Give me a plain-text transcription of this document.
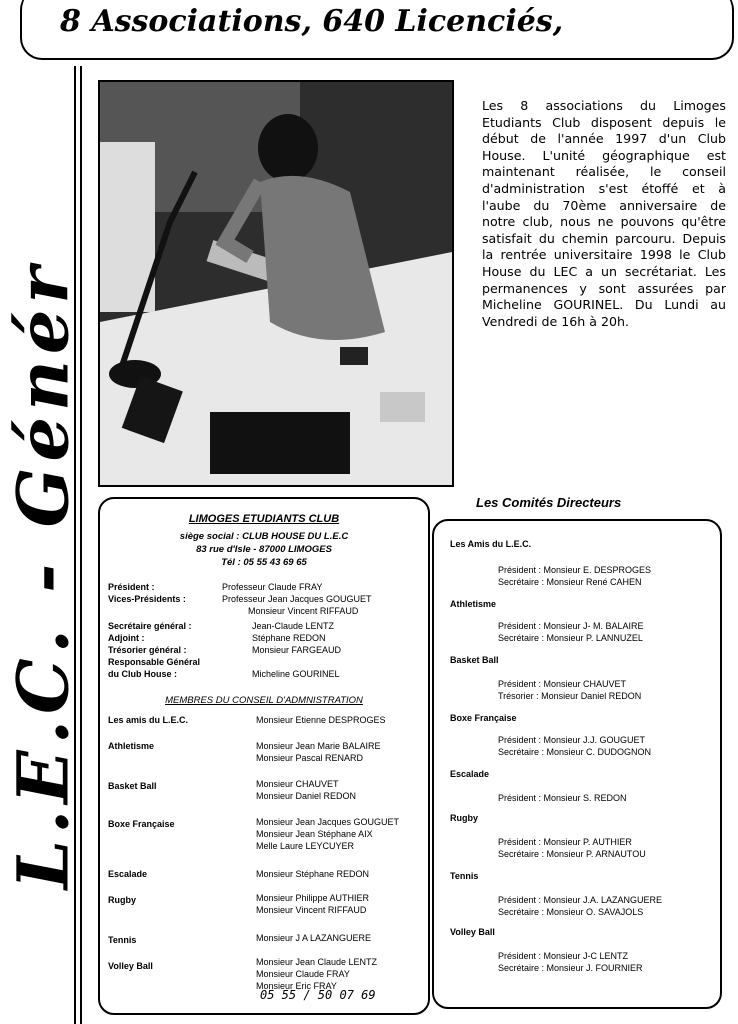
8 Associations, 640 Licenciés,
L.E.C. - Génér
Les 8 associations du Limoges Etudiants Club disposent depuis le début de l'année 1997 d'un Club House. L'unité géographique est maintenant réalisée, le conseil d'administration s'est étoffé et à l'aube du 70ème anniversaire de notre club, nous ne pouvons qu'être satisfait du chemin parcouru. Depuis la rentrée universitaire 1998 le Club House du LEC a un secrétariat. Les permanences y sont assurées par Micheline GOURINEL. Du Lundi au Vendredi de 16h à 20h.
LIMOGES ETUDIANTS CLUB
siège social : CLUB HOUSE DU L.E.C
83 rue d'Isle - 87000 LIMOGES
Tél : 05 55 43 69 65
Président :	Professeur Claude FRAY
Vices-Présidents :	Professeur Jean Jacques GOUGUET
Monsieur Vincent RIFFAUD
Secrétaire général :	Jean-Claude LENTZ
Adjoint :	Stéphane REDON
Trésorier général :	Monsieur FARGEAUD
Responsable Général
du Club House :	Micheline GOURINEL
MEMBRES DU CONSEIL D'ADMNISTRATION
Les amis du L.E.C.	Monsieur Etienne DESPROGES
Athletisme	Monsieur Jean Marie BALAIRE
Monsieur Pascal RENARD
Basket Ball	Monsieur CHAUVET
Monsieur Daniel REDON
Boxe Française	Monsieur Jean Jacques GOUGUET
Monsieur Jean Stéphane AIX
Melle Laure LEYCUYER
Escalade	Monsieur Stéphane REDON
Rugby	Monsieur Philippe AUTHIER
Monsieur Vincent RIFFAUD
Tennis	Monsieur J A LAZANGUERE
Volley Ball	Monsieur Jean Claude LENTZ
Monsieur Claude FRAY
Monsieur Eric FRAY
Les Comités Directeurs
Les Amis du L.E.C.
Président : Monsieur E. DESPROGES
Secrétaire : Monsieur René CAHEN
Athletisme
Président : Monsieur J- M. BALAIRE
Secrétaire : Monsieur P. LANNUZEL
Basket Ball
Président : Monsieur CHAUVET
Trésorier : Monsieur Daniel REDON
Boxe Française
Président : Monsieur J.J. GOUGUET
Secrétaire : Monsieur C. DUDOGNON
Escalade
Président : Monsieur S. REDON
Rugby
Président : Monsieur P. AUTHIER
Secrétaire : Monsieur P. ARNAUTOU
Tennis
Président : Monsieur J.A. LAZANGUERE
Secrétaire : Monsieur O. SAVAJOLS
Volley Ball
Président : Monsieur J-C LENTZ
Secrétaire : Monsieur J. FOURNIER
05 55 / 50 07 69
